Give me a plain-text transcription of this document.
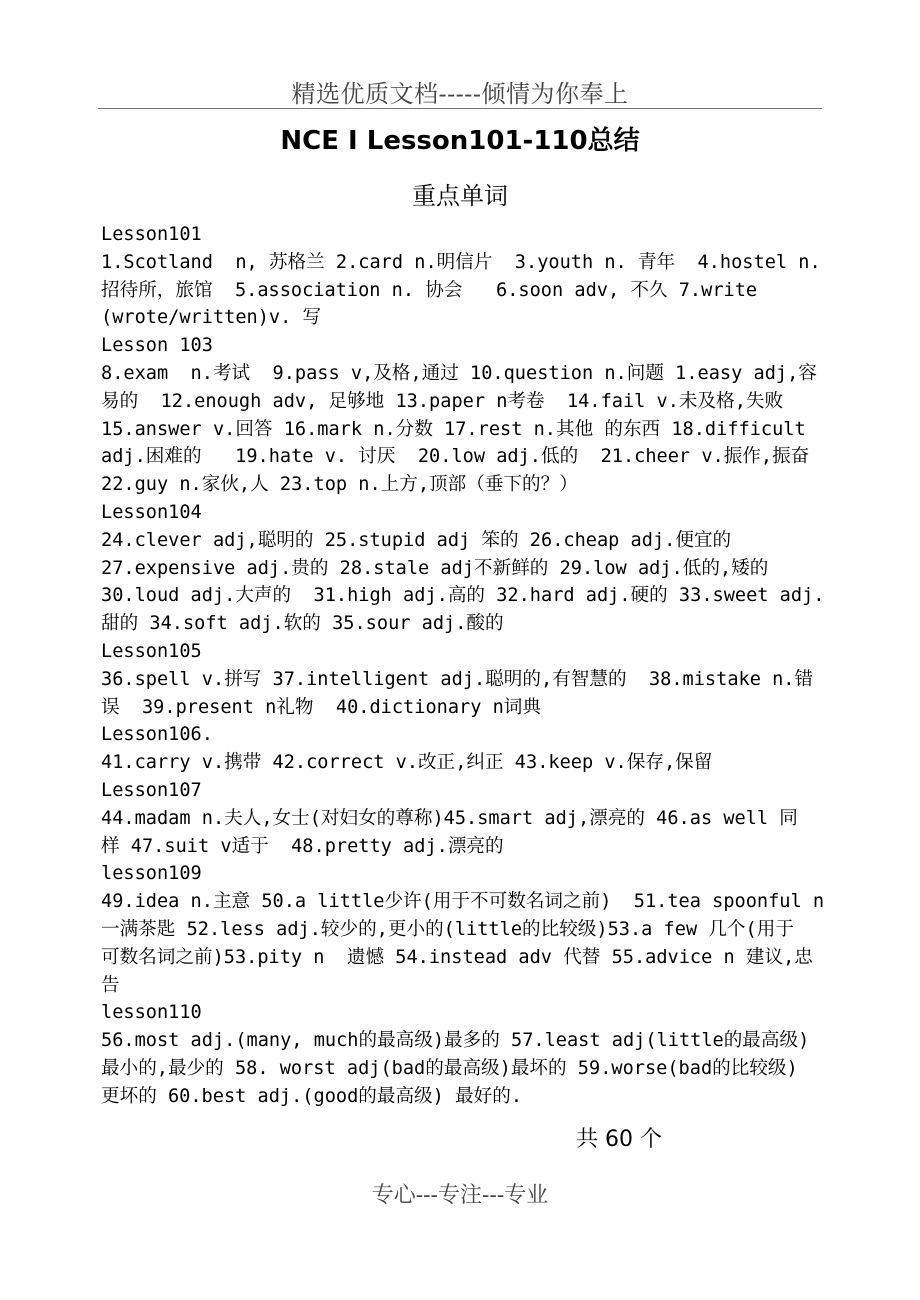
精选优质文档-----倾情为你奉上
NCE I Lesson101-110总结
重点单词
Lesson101
1.Scotland  n, 苏格兰 2.card n.明信片  3.youth n. 青年  4.hostel n.
招待所，旅馆  5.association n. 协会   6.soon adv, 不久 7.write
(wrote/written)v. 写
Lesson 103
8.exam  n.考试  9.pass v,及格,通过 10.question n.问题 1.easy adj,容
易的  12.enough adv, 足够地 13.paper n考卷  14.fail v.未及格,失败
15.answer v.回答 16.mark n.分数 17.rest n.其他 的东西 18.difficult
adj.困难的   19.hate v. 讨厌  20.low adj.低的  21.cheer v.振作,振奋
22.guy n.家伙,人 23.top n.上方,顶部（垂下的？）
Lesson104
24.clever adj,聪明的 25.stupid adj 笨的 26.cheap adj.便宜的
27.expensive adj.贵的 28.stale adj不新鲜的 29.low adj.低的,矮的
30.loud adj.大声的  31.high adj.高的 32.hard adj.硬的 33.sweet adj.
甜的 34.soft adj.软的 35.sour adj.酸的
Lesson105
36.spell v.拼写 37.intelligent adj.聪明的,有智慧的  38.mistake n.错
误  39.present n礼物  40.dictionary n词典
Lesson106.
41.carry v.携带 42.correct v.改正,纠正 43.keep v.保存,保留
Lesson107
44.madam n.夫人,女士(对妇女的尊称)45.smart adj,漂亮的 46.as well 同
样 47.suit v适于  48.pretty adj.漂亮的
lesson109
49.idea n.主意 50.a little少许(用于不可数名词之前)  51.tea spoonful n
一满茶匙 52.less adj.较少的,更小的(little的比较级)53.a few 几个(用于
可数名词之前)53.pity n  遗憾 54.instead adv 代替 55.advice n 建议,忠
告
lesson110
56.most adj.(many, much的最高级)最多的 57.least adj(little的最高级)
最小的,最少的 58. worst adj(bad的最高级)最坏的 59.worse(bad的比较级)
更坏的 60.best adj.(good的最高级) 最好的.
共 60 个
专心---专注---专业
